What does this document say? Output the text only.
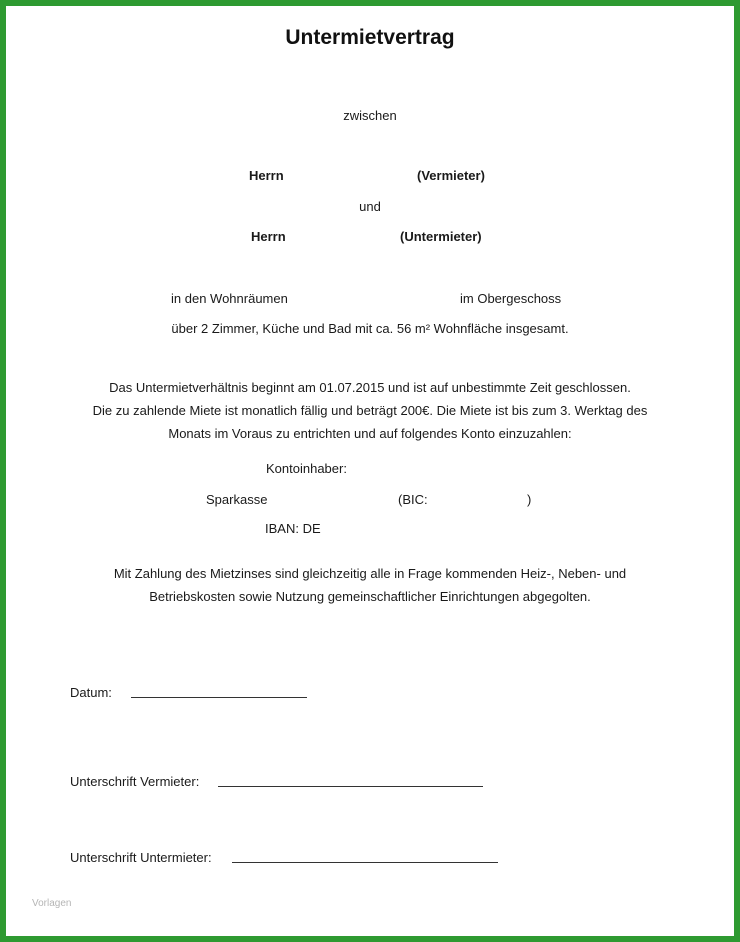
Untermietvertrag
zwischen
Herrn	(Vermieter)
und
Herrn	(Untermieter)
in den Wohnräumen	im Obergeschoss
über 2 Zimmer, Küche und Bad mit ca. 56 m² Wohnfläche insgesamt.
Das Untermietverhältnis beginnt am 01.07.2015 und ist auf unbestimmte Zeit geschlossen.
Die zu zahlende Miete ist monatlich fällig und beträgt 200€. Die Miete ist bis zum 3. Werktag des
Monats im Voraus zu entrichten und auf folgendes Konto einzuzahlen:
Kontoinhaber:
Sparkasse	(BIC:	)
IBAN: DE
Mit Zahlung des Mietzinses sind gleichzeitig alle in Frage kommenden Heiz-, Neben- und
Betriebskosten sowie Nutzung gemeinschaftlicher Einrichtungen abgegolten.
Datum:
Unterschrift Vermieter:
Unterschrift Untermieter:
Vorlagen
